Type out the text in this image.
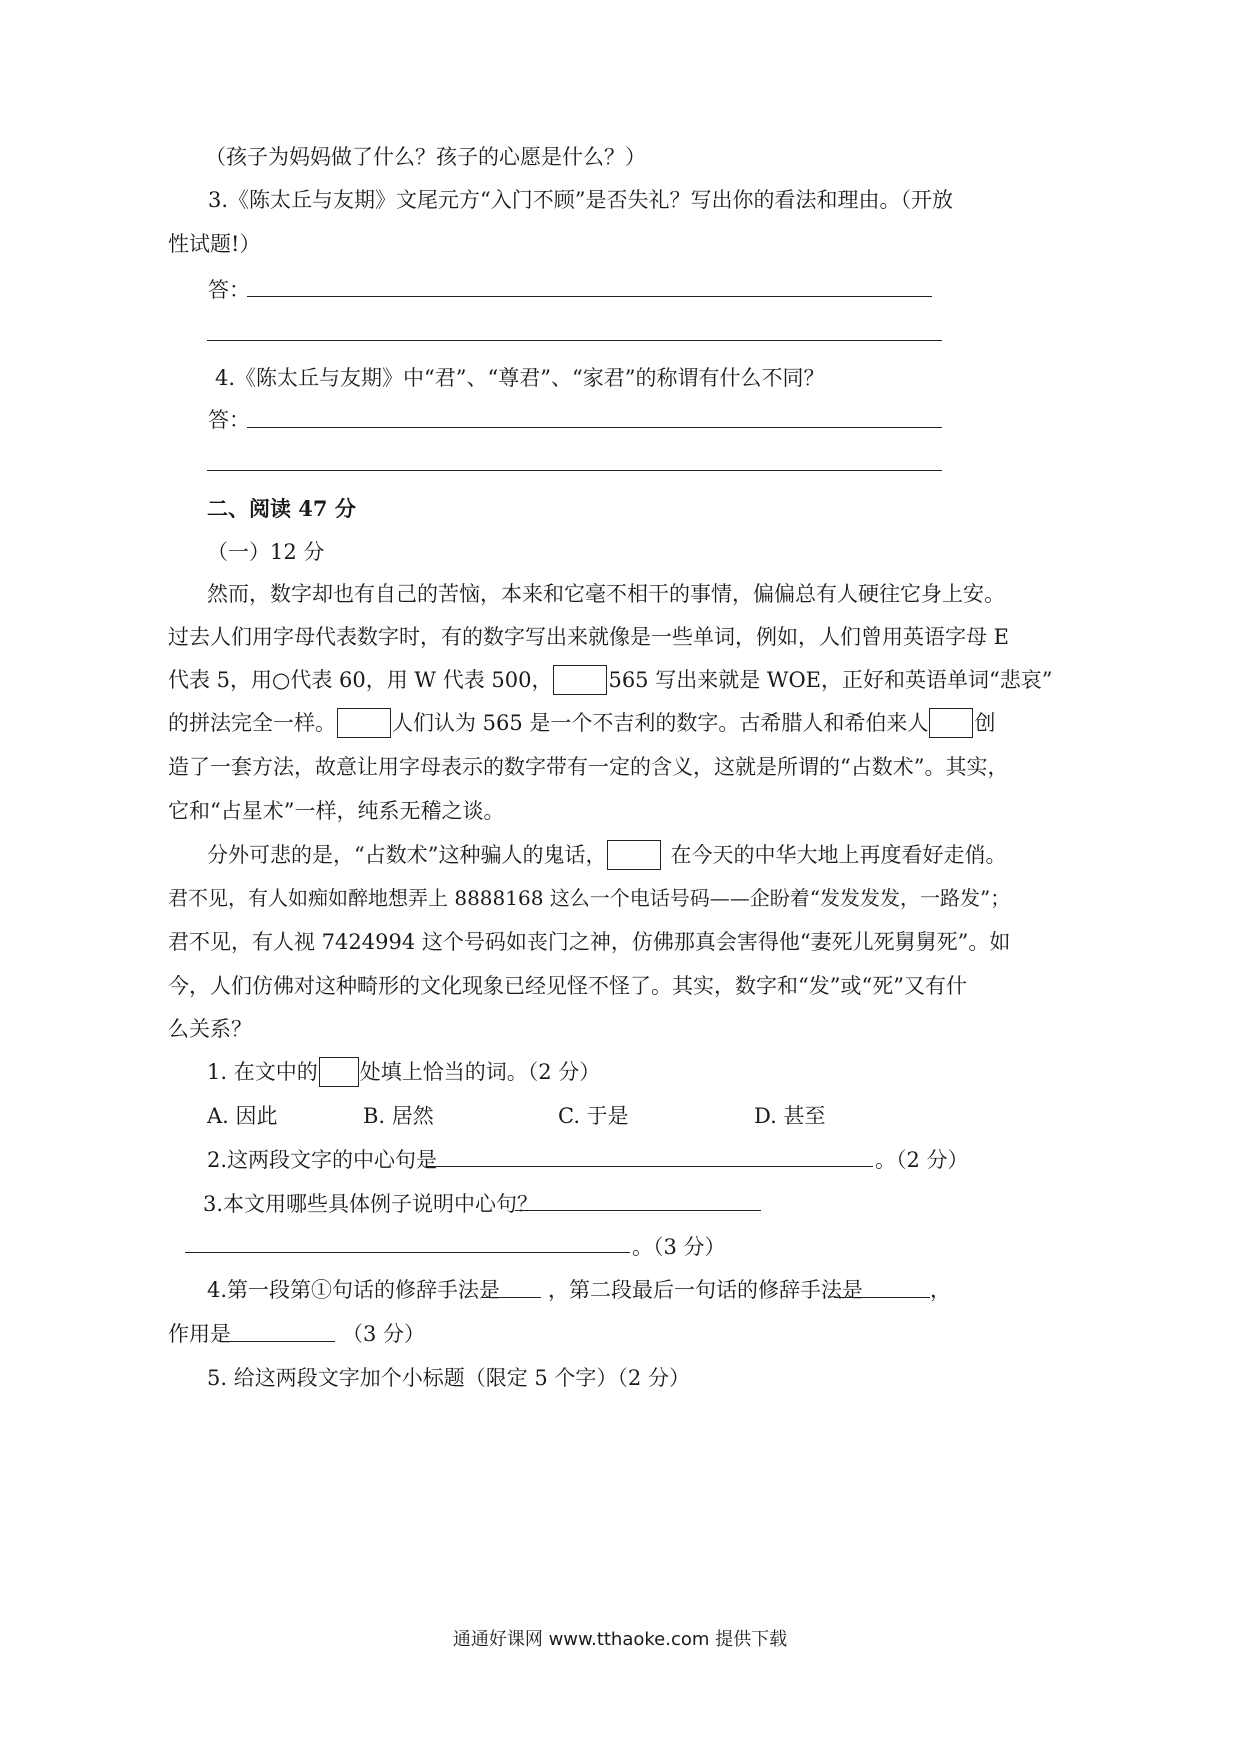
（孩子为妈妈做了什么？孩子的心愿是什么？）
3.《陈太丘与友期》文尾元方“入门不顾”是否失礼？写出你的看法和理由。
（开放
性试题!）
答：
4.《陈太丘与友期》中“君”、“尊君”、“家君”的称谓有什么不同？
答：
二、阅读 47 分
（一）12 分
然而，数字却也有自己的苦恼，本来和它毫不相干的事情，偏偏总有人硬往它身上安。
过去人们用字母代表数字时，有的数字写出来就像是一些单词，例如，人们曾用英语字母 E
代表 5，用○代表 60，用 W 代表 500，	565 写出来就是 WOE，正好和英语单词“悲哀”
的拼法完全一样。	人们认为 565 是一个不吉利的数字。古希腊人和希伯来人 创
造了一套方法，故意让用字母表示的数字带有一定的含义，这就是所谓的“占数术”。其实，
它和“占星术”一样，纯系无稽之谈。
分外可悲的是，“占数术”这种骗人的鬼话，	在今天的中华大地上再度看好走俏。
君不见，有人如痴如醉地想弄上 8888168 这么一个电话号码——企盼着“发发发发，一路发”；
君不见，有人视 7424994 这个号码如丧门之神，仿佛那真会害得他“妻死儿死舅舅死”。如
今，人们仿佛对这种畸形的文化现象已经见怪不怪了。其实，数字和“发”或“死”又有什
么关系？
1. 在文中的 处填上恰当的词。（2 分）
A. 因此	B. 居然	C. 于是	D. 甚至
2.这两段文字的中心句是	。（2 分）
3.本文用哪些具体例子说明中心句？
。（3 分）
4.第一段第①句话的修辞手法是 ，第二段最后一句话的修辞手法是	，
作用是	（3 分）
5. 给这两段文字加个小标题（限定 5 个字）（2 分）
通通好课网 www.tthaoke.com 提供下载
